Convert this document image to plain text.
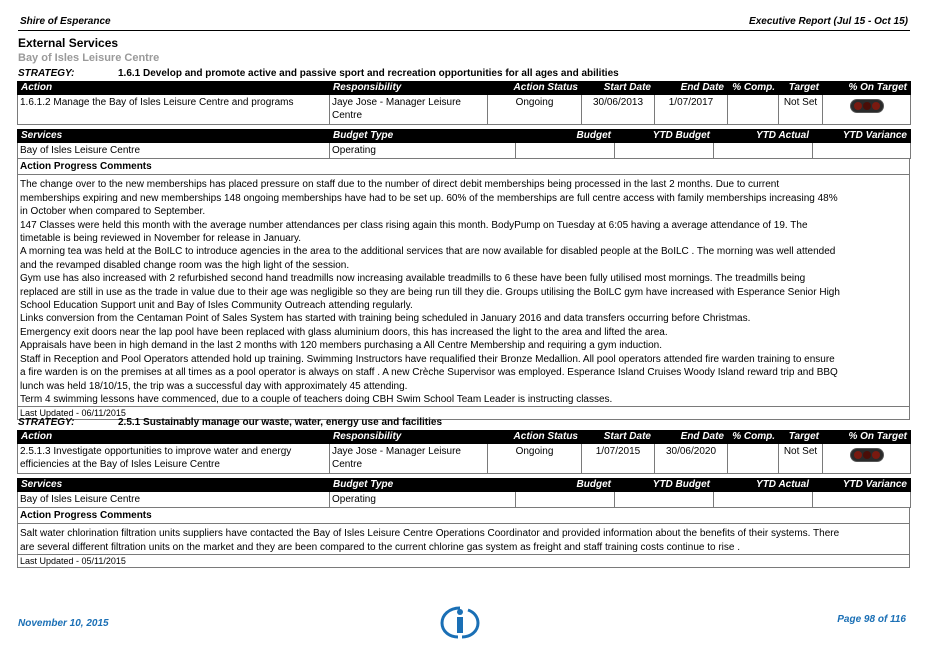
Shire of Esperance	Executive Report (Jul 15 - Oct 15)
External Services
Bay of Isles Leisure Centre
STRATEGY:	1.6.1 Develop and promote active and passive sport and recreation opportunities for all ages and abilities
Action	Responsibility	Action Status	Start Date	End Date	% Comp.	Target	% On Target
1.6.1.2 Manage the Bay of Isles Leisure Centre and programs	Jaye Jose - Manager Leisure Centre	Ongoing	30/06/2013	1/07/2017		Not Set	
Services	Budget Type	Budget	YTD Budget	YTD Actual	YTD Variance
Bay of Isles Leisure Centre	Operating				
Action Progress Comments

The change over to the new memberships has placed pressure on staff due to the number of direct debit memberships being processed in the last 2 months. Due to current memberships expiring and new memberships 148 ongoing memberships have had to be set up. 60% of the memberships are full centre access with family memberships increasing 48% in October when compared to September.

147 Classes were held this month with the average number attendances per class rising again this month. BodyPump on Tuesday at 6:05 having a average attendance of 19. The timetable is being reviewed in November for release in January.

A morning tea was held at the BoILC to introduce agencies in the area to the additional services that are now available for disabled people at the BoILC . The morning was well attended and the revamped disabled change room was the high light of the session.

Gym use has also increased with 2 refurbished second hand treadmills now increasing available treadmills to 6 these have been fully utilised most mornings. The treadmills being replaced are still in use as the trade in value due to their age was negligible so they are being run till they die. Groups utilising the BoILC gym have increased with Esperance Senior High School Education Support unit and Bay of Isles Community Outreach attending regularly.

Links conversion from the Centaman Point of Sales System has started with training being scheduled in January 2016 and data transfers occurring before Christmas.

Emergency exit doors near the lap pool have been replaced with glass aluminium doors, this has increased the light to the area and lifted the area.

Appraisals have been in high demand in the last 2 months with 120 members purchasing a All Centre Membership and requiring a gym induction.

Staff in Reception and Pool Operators attended hold up training. Swimming Instructors have requalified their Bronze Medallion. All pool operators attended fire warden training to ensure a fire warden is on the premises at all times as a pool operator is always on staff . A new Crèche Supervisor was employed. Esperance Island Cruises Woody Island reward trip and BBQ lunch was held 18/10/15, the trip was a successful day with approximately 45 attending.

Term 4 swimming lessons have commenced, due to a couple of teachers doing CBH Swim School Team Leader is instructing classes.

Last Updated - 06/11/2015
STRATEGY:	2.5.1 Sustainably manage our waste, water, energy use and facilities
Action	Responsibility	Action Status	Start Date	End Date	% Comp.	Target	% On Target
2.5.1.3 Investigate opportunities to improve water and energy efficiencies at the Bay of Isles Leisure Centre	Jaye Jose - Manager Leisure Centre	Ongoing	1/07/2015	30/06/2020		Not Set	
Services	Budget Type	Budget	YTD Budget	YTD Actual	YTD Variance
Bay of Isles Leisure Centre	Operating				
Action Progress Comments

Salt water chlorination filtration units suppliers have contacted the Bay of Isles Leisure Centre Operations Coordinator and provided information about the benefits of their systems. There are several different filtration units on the market and they are been compared to the current chlorine gas system as freight and staff training costs continue to rise .

Last Updated - 05/11/2015
November 10, 2015	Page 98 of 116
